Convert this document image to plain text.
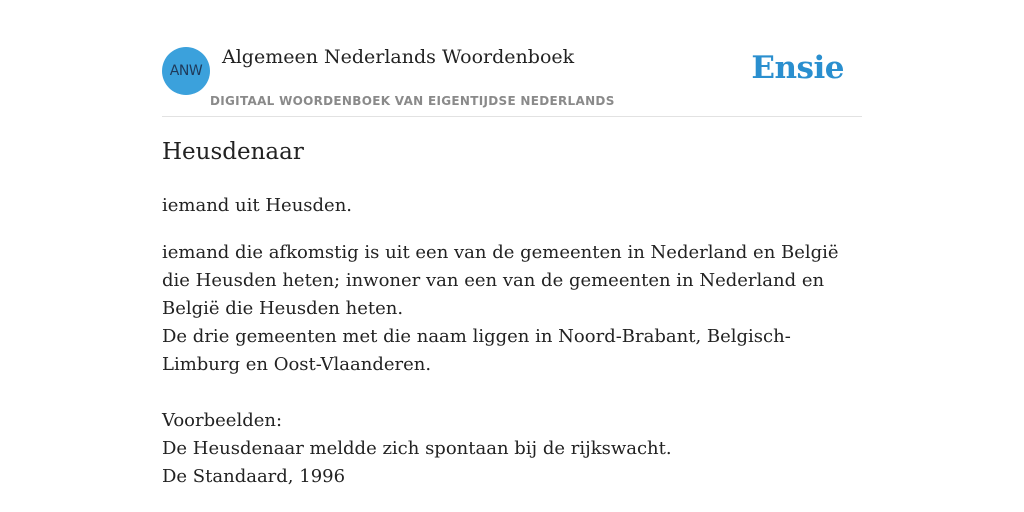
ANW
Algemeen Nederlands Woordenboek
DIGITAAL WOORDENBOEK VAN EIGENTIJDSE NEDERLANDS
Ensie
Heusdenaar
iemand uit Heusden.

iemand die afkomstig is uit een van de gemeenten in Nederland en België die Heusden heten; inwoner van een van de gemeenten in Nederland en België die Heusden heten.

De drie gemeenten met die naam liggen in Noord-Brabant, Belgisch-Limburg en Oost-Vlaanderen.

Voorbeelden:

De Heusdenaar meldde zich spontaan bij de rijkswacht.

De Standaard, 1996
